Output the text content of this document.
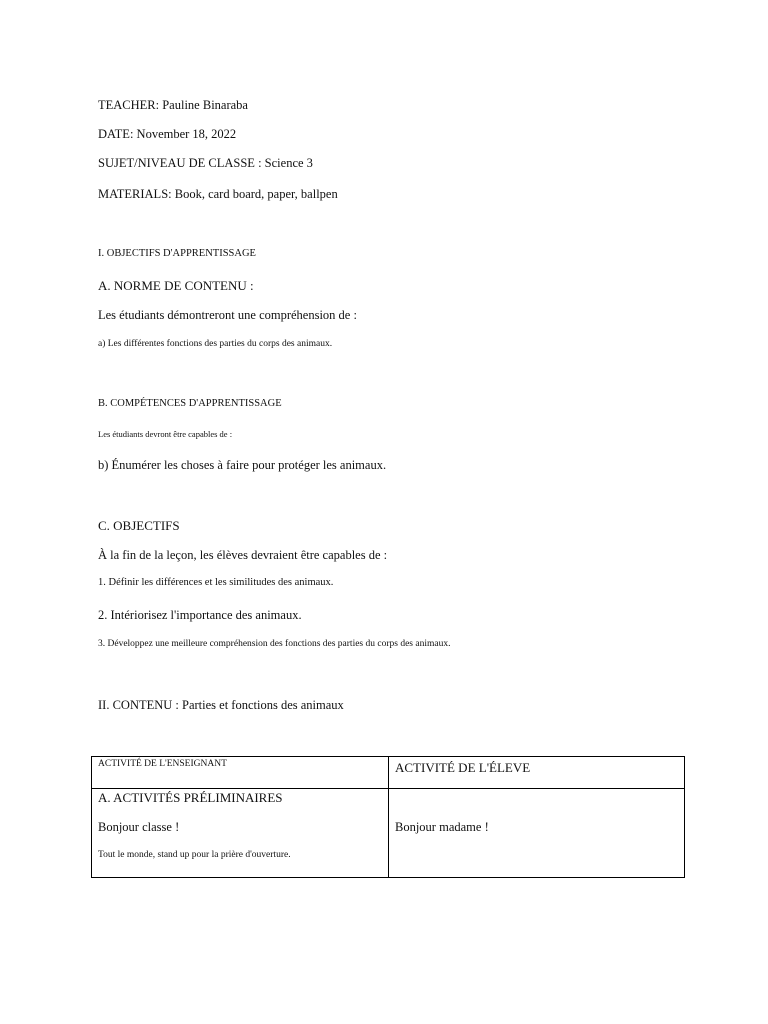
TEACHER: Pauline Binaraba
DATE: November 18, 2022
SUJET/NIVEAU DE CLASSE : Science 3
MATERIALS: Book, card board, paper, ballpen
I. OBJECTIFS D'APPRENTISSAGE
A. NORME DE CONTENU :
Les étudiants démontreront une compréhension de :
a) Les différentes fonctions des parties du corps des animaux.
B. COMPÉTENCES D'APPRENTISSAGE
Les étudiants devront être capables de :
b) Énumérer les choses à faire pour protéger les animaux.
C. OBJECTIFS
À la fin de la leçon, les élèves devraient être capables de :
1. Définir les différences et les similitudes des animaux.
2. Intériorisez l'importance des animaux.
3. Développez une meilleure compréhension des fonctions des parties du corps des animaux.
II. CONTENU : Parties et fonctions des animaux
ACTIVITÉ DE L'ENSEIGNANT	ACTIVITÉ DE L'ÉLEVE
A. ACTIVITÉS PRÉLIMINAIRES
Bonjour classe !
Tout le monde, stand up pour la prière d'ouverture.
Bonjour madame !
